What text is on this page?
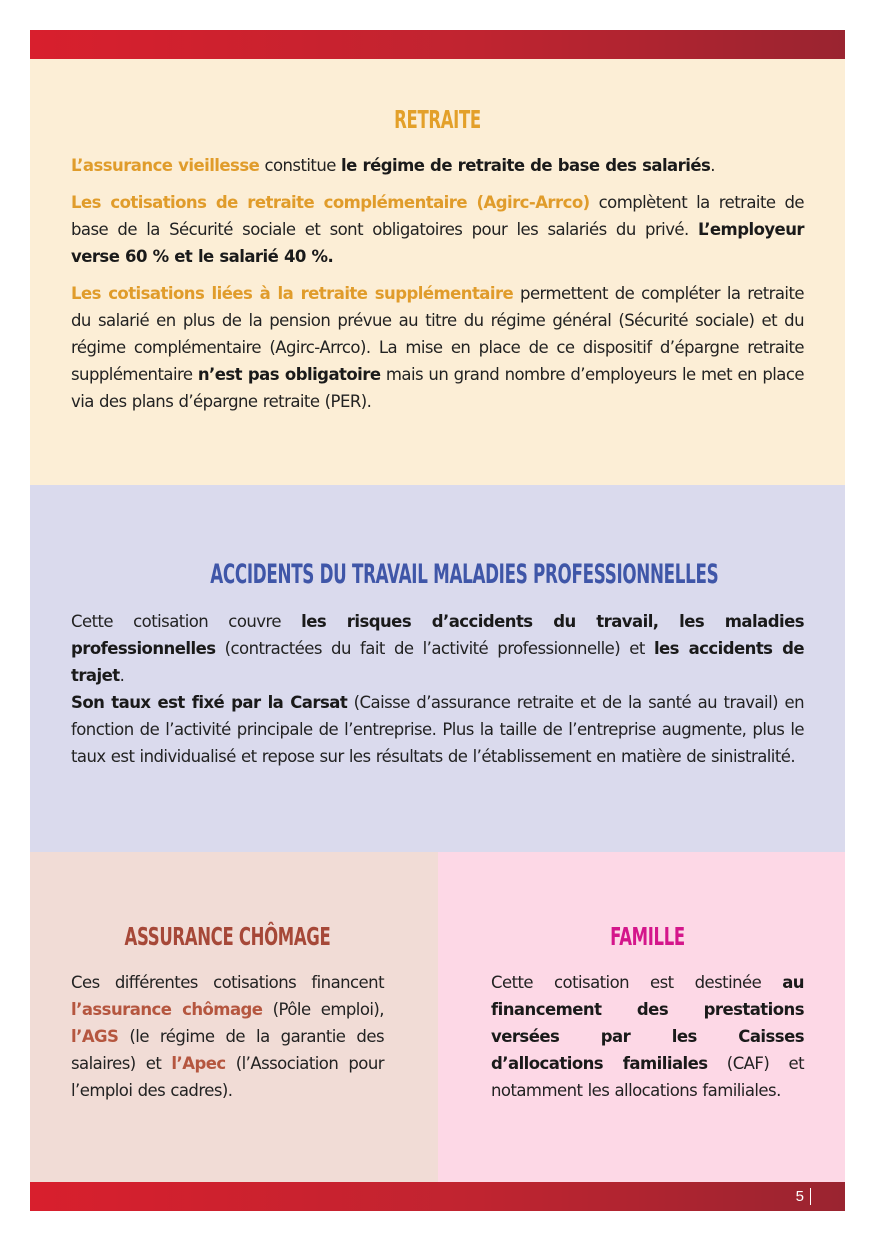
RETRAITE

L’assurance vieillesse constitue le régime de retraite de base des salariés.

Les cotisations de retraite complémentaire (Agirc-Arrco) complètent la retraite de base de la Sécurité sociale et sont obligatoires pour les salariés du privé. L’employeur verse 60 % et le salarié 40 %.

Les cotisations liées à la retraite supplémentaire permettent de compléter la retraite du salarié en plus de la pension prévue au titre du régime général (Sécurité sociale) et du régime complémentaire (Agirc-Arrco). La mise en place de ce dispositif d’épargne retraite supplémentaire n’est pas obligatoire mais un grand nombre d’employeurs le met en place via des plans d’épargne retraite (PER).

ACCIDENTS DU TRAVAIL MALADIES PROFESSIONNELLES

Cette cotisation couvre les risques d’accidents du travail, les maladies professionnelles (contractées du fait de l’activité professionnelle) et les accidents de trajet.

Son taux est fixé par la Carsat (Caisse d’assurance retraite et de la santé au travail) en fonction de l’activité principale de l’entreprise. Plus la taille de l’entreprise augmente, plus le taux est individualisé et repose sur les résultats de l’établissement en matière de sinistralité.

ASSURANCE CHÔMAGE

Ces différentes cotisations financent l’assurance chômage (Pôle emploi), l’AGS (le régime de la garantie des salaires) et l’Apec (l’Association pour l’emploi des cadres).

FAMILLE

Cette cotisation est destinée au financement des prestations versées par les Caisses d’allocations familiales (CAF) et notamment les allocations familiales.

5
